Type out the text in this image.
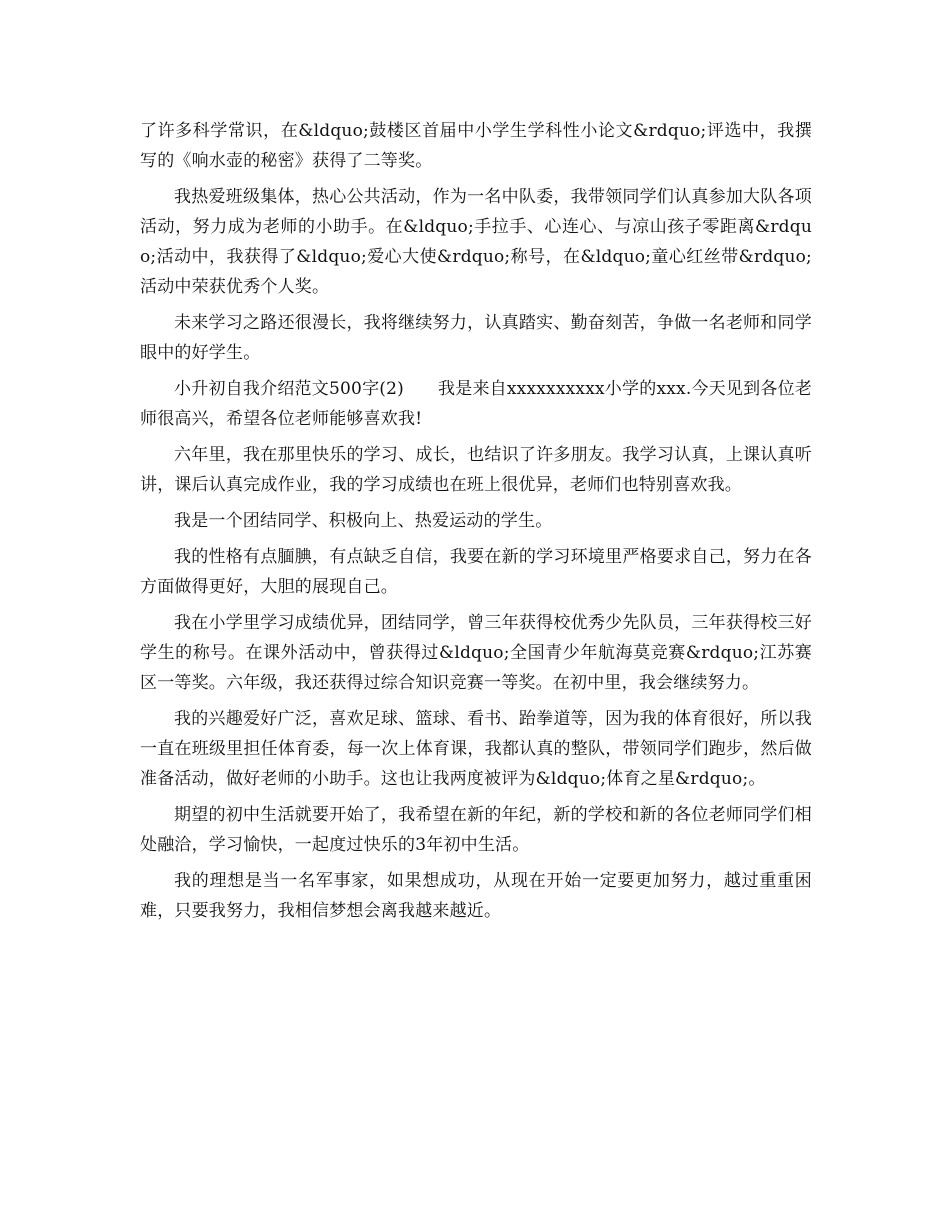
了许多科学常识，在&ldquo;鼓楼区首届中小学生学科性小论文&rdquo;评选中，我撰写的《响水壶的秘密》获得了二等奖。

我热爱班级集体，热心公共活动，作为一名中队委，我带领同学们认真参加大队各项活动，努力成为老师的小助手。在&ldquo;手拉手、心连心、与凉山孩子零距离&rdquo;活动中，我获得了&ldquo;爱心大使&rdquo;称号，在&ldquo;童心红丝带&rdquo;活动中荣获优秀个人奖。

未来学习之路还很漫长，我将继续努力，认真踏实、勤奋刻苦，争做一名老师和同学眼中的好学生。

小升初自我介绍范文500字(2) 我是来自xxxxxxxxxx小学的xxx.今天见到各位老师很高兴，希望各位老师能够喜欢我!

六年里，我在那里快乐的学习、成长，也结识了许多朋友。我学习认真，上课认真听讲，课后认真完成作业，我的学习成绩也在班上很优异，老师们也特别喜欢我。

我是一个团结同学、积极向上、热爱运动的学生。

我的性格有点腼腆，有点缺乏自信，我要在新的学习环境里严格要求自己，努力在各方面做得更好，大胆的展现自己。

我在小学里学习成绩优异，团结同学，曾三年获得校优秀少先队员，三年获得校三好学生的称号。在课外活动中，曾获得过&ldquo;全国青少年航海莫竞赛&rdquo;江苏赛区一等奖。六年级，我还获得过综合知识竞赛一等奖。在初中里，我会继续努力。

我的兴趣爱好广泛，喜欢足球、篮球、看书、跆拳道等，因为我的体育很好，所以我一直在班级里担任体育委，每一次上体育课，我都认真的整队，带领同学们跑步，然后做准备活动，做好老师的小助手。这也让我两度被评为&ldquo;体育之星&rdquo;。

期望的初中生活就要开始了，我希望在新的年纪，新的学校和新的各位老师同学们相处融洽，学习愉快，一起度过快乐的3年初中生活。

我的理想是当一名军事家，如果想成功，从现在开始一定要更加努力，越过重重困难，只要我努力，我相信梦想会离我越来越近。
